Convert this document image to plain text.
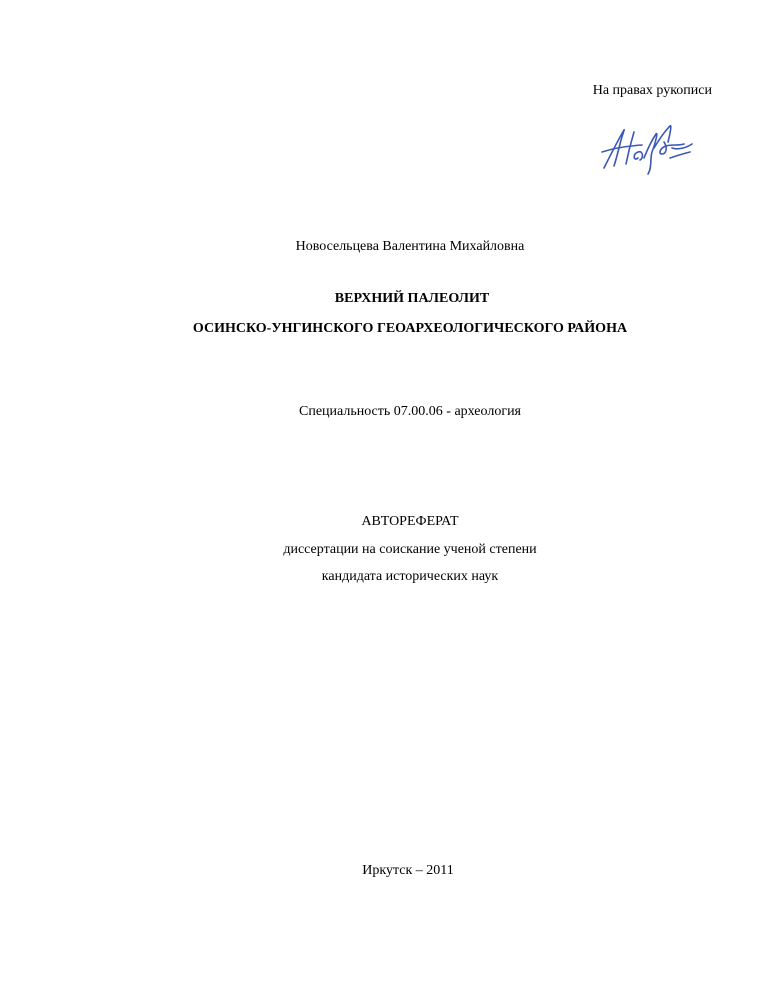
На правах рукописи
Новосельцева Валентина Михайловна
ВЕРХНИЙ ПАЛЕОЛИТ
ОСИНСКО-УНГИНСКОГО ГЕОАРХЕОЛОГИЧЕСКОГО РАЙОНА
Специальность 07.00.06 - археология
АВТОРЕФЕРАТ
диссертации на соискание ученой степени
кандидата исторических наук
Иркутск – 2011
